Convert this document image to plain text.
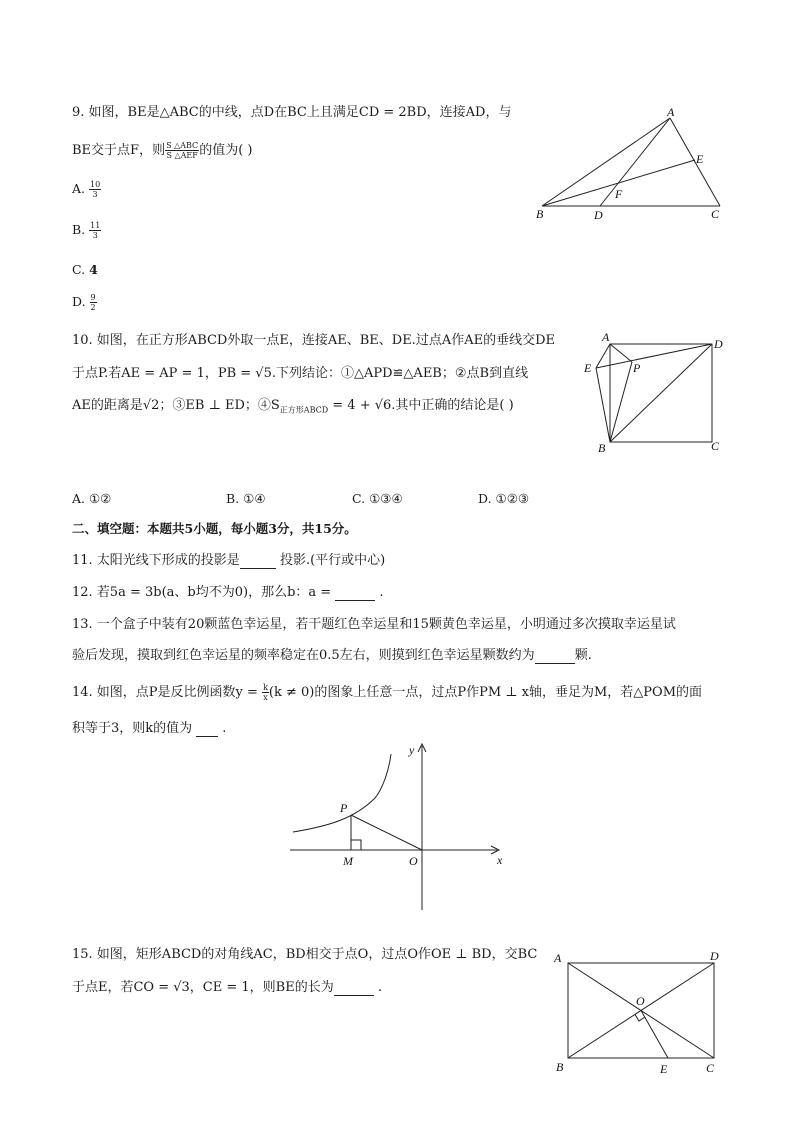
9. 如图，BE是△ABC的中线，点D在BC上且满足CD = 2BD，连接AD，与
BE交于点F，则 $\frac{\text{S △ABC}}{\text{S △AEF}}$ 的值为( )
A. $\frac{10}{3}$
B. $\frac{11}{3}$
C. 4
D. $\frac{9}{2}$
A
B	C
D
E
F
10. 如图，在正方形ABCD外取一点E，连接AE、BE、DE.过点A作AE的垂线交DE
于点P.若AE = AP = 1，PB = √5.下列结论：①△APD≌△AEB；②点B到直线
AE的距离是√2；③EB ⊥ ED；$④S_{正方形ABCD} = 4 + √6$.其中正确的结论是( )
A
B	C
D
E	P
A. ①②	B. ①④	C. ①③④	D. ①②③
二、填空题：本题共5小题，每小题3分，共15分。
11. 太阳光线下形成的投影是	投影.(平行或中心)
12. 若5a = 3b(a、b均不为0)，那么b：a =	.
13. 一个盒子中装有20颗蓝色幸运星，若干题红色幸运星和15颗黄色幸运星，小明通过多次摸取幸运星试
验后发现，摸取到红色幸运星的频率稳定在0.5左右，则摸到红色幸运星颗数约为	颗.
14. 如图，点P是反比例函数$y = \frac{k}{x} (k \ne 0)$的图象上任意一点，过点P作PM ⊥ x轴，垂足为M，若△POM的面
积等于3，则k的值为 .
y
x
P
M	O
15. 如图，矩形ABCD的对角线AC，BD相交于点O，过点O作OE ⊥ BD，交BC
于点E，若CO = √3，CE = 1，则BE的长为	.
A
B	C
D
E
O
